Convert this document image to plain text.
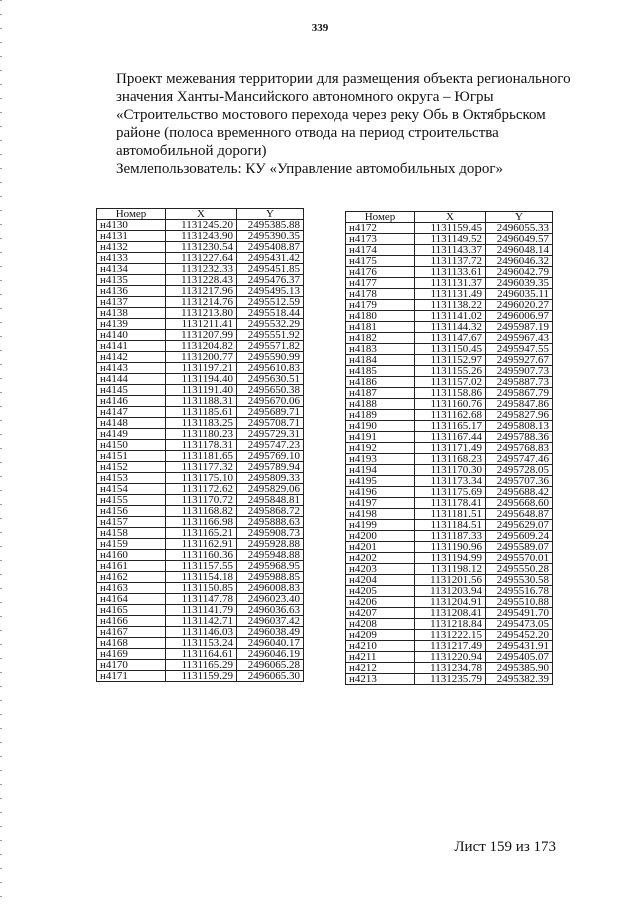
339

Проект межевания территории для размещения объекта регионального

значения Ханты-Мансийского автономного округа – Югры

«Строительство мостового перехода через реку Обь в Октябрьском

районе (полоса временного отвода на период строительства

автомобильной дороги)

Землепользователь: КУ «Управление автомобильных дорог»

Номер	X	Y
н4130	1131245.20	2495385.88
н4131	1131243.90	2495390.35
н4132	1131230.54	2495408.87
н4133	1131227.64	2495431.42
н4134	1131232.33	2495451.85
н4135	1131228.43	2495476.37
н4136	1131217.96	2495495.13
н4137	1131214.76	2495512.59
н4138	1131213.80	2495518.44
н4139	1131211.41	2495532.29
н4140	1131207.99	2495551.92
н4141	1131204.82	2495571.82
н4142	1131200.77	2495590.99
н4143	1131197.21	2495610.83
н4144	1131194.40	2495630.51
н4145	1131191.40	2495650.38
н4146	1131188.31	2495670.06
н4147	1131185.61	2495689.71
н4148	1131183.25	2495708.71
н4149	1131180.23	2495729.31
н4150	1131178.31	2495747.23
н4151	1131181.65	2495769.10
н4152	1131177.32	2495789.94
н4153	1131175.10	2495809.33
н4154	1131172.62	2495829.06
н4155	1131170.72	2495848.81
н4156	1131168.82	2495868.72
н4157	1131166.98	2495888.63
н4158	1131165.21	2495908.73
н4159	1131162.91	2495928.88
н4160	1131160.36	2495948.88
н4161	1131157.55	2495968.95
н4162	1131154.18	2495988.85
н4163	1131150.85	2496008.83
н4164	1131147.78	2496023.40
н4165	1131141.79	2496036.63
н4166	1131142.71	2496037.42
н4167	1131146.03	2496038.49
н4168	1131153.24	2496040.17
н4169	1131164.61	2496046.19
н4170	1131165.29	2496065.28
н4171	1131159.29	2496065.30
Номер	X	Y
н4172	1131159.45	2496055.33
н4173	1131149.52	2496049.57
н4174	1131143.37	2496048.14
н4175	1131137.72	2496046.32
н4176	1131133.61	2496042.79
н4177	1131131.37	2496039.35
н4178	1131131.49	2496035.11
н4179	1131138.22	2496020.27
н4180	1131141.02	2496006.97
н4181	1131144.32	2495987.19
н4182	1131147.67	2495967.43
н4183	1131150.45	2495947.55
н4184	1131152.97	2495927.67
н4185	1131155.26	2495907.73
н4186	1131157.02	2495887.73
н4187	1131158.86	2495867.79
н4188	1131160.76	2495847.86
н4189	1131162.68	2495827.96
н4190	1131165.17	2495808.13
н4191	1131167.44	2495788.36
н4192	1131171.49	2495768.83
н4193	1131168.23	2495747.46
н4194	1131170.30	2495728.05
н4195	1131173.34	2495707.36
н4196	1131175.69	2495688.42
н4197	1131178.41	2495668.60
н4198	1131181.51	2495648.87
н4199	1131184.51	2495629.07
н4200	1131187.33	2495609.24
н4201	1131190.96	2495589.07
н4202	1131194.99	2495570.01
н4203	1131198.12	2495550.28
н4204	1131201.56	2495530.58
н4205	1131203.94	2495516.78
н4206	1131204.91	2495510.88
н4207	1131208.41	2495491.70
н4208	1131218.84	2495473.05
н4209	1131222.15	2495452.20
н4210	1131217.49	2495431.91
н4211	1131220.94	2495405.07
н4212	1131234.78	2495385.90
н4213	1131235.79	2495382.39
Лист 159 из 173
